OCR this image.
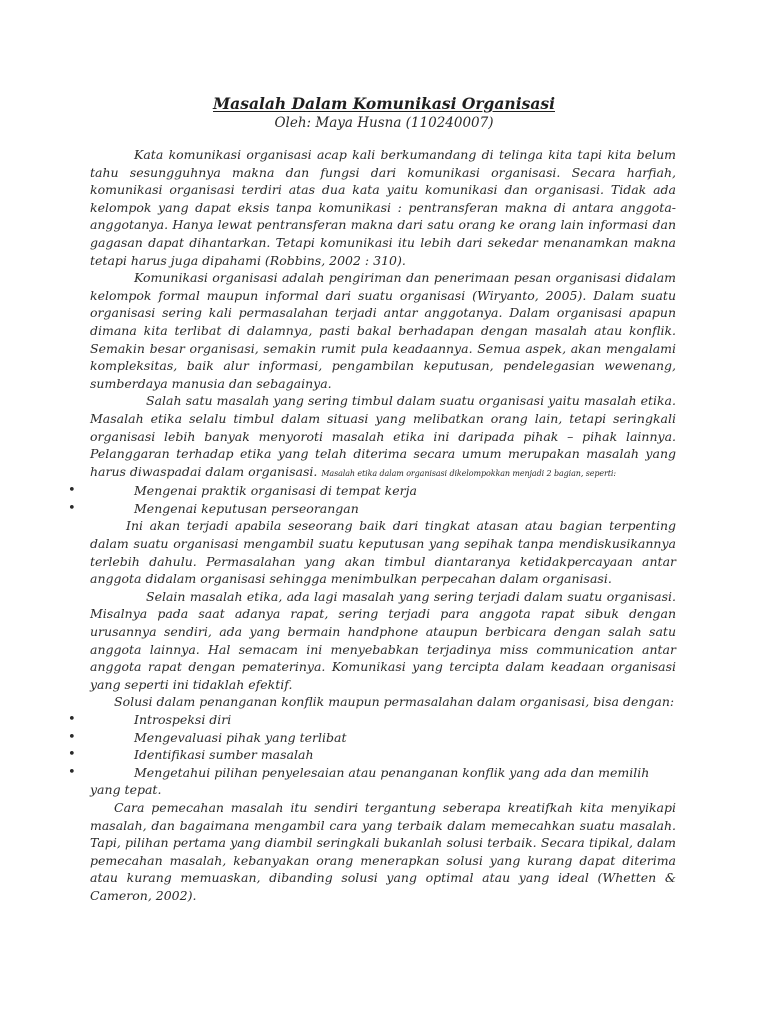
Masalah Dalam Komunikasi Organisasi
Oleh: Maya Husna (110240007)

Kata komunikasi organisasi acap kali berkumandang di telinga kita tapi kita belum tahu sesungguhnya makna dan fungsi dari komunikasi organisasi. Secara harfiah, komunikasi organisasi terdiri atas dua kata yaitu komunikasi dan organisasi. Tidak ada kelompok yang dapat eksis tanpa komunikasi : pentransferan makna di antara anggota-anggotanya. Hanya lewat pentransferan makna dari satu orang ke orang lain informasi dan gagasan dapat dihantarkan. Tetapi komunikasi itu lebih dari sekedar menanamkan makna tetapi harus juga dipahami (Robbins, 2002 : 310).

Komunikasi organisasi adalah pengiriman dan penerimaan pesan organisasi didalam kelompok formal maupun informal dari suatu organisasi (Wiryanto, 2005). Dalam suatu organisasi sering kali permasalahan terjadi antar anggotanya. Dalam organisasi apapun dimana kita terlibat di dalamnya, pasti bakal berhadapan dengan masalah atau konflik. Semakin besar organisasi, semakin rumit pula keadaannya. Semua aspek, akan mengalami kompleksitas, baik alur informasi, pengambilan keputusan, pendelegasian wewenang, sumberdaya manusia dan sebagainya.

Salah satu masalah yang sering timbul dalam suatu organisasi yaitu masalah etika. Masalah etika selalu timbul dalam situasi yang melibatkan orang lain, tetapi seringkali organisasi lebih banyak menyoroti masalah etika ini daripada pihak – pihak lainnya. Pelanggaran terhadap etika yang telah diterima secara umum merupakan masalah yang harus diwaspadai dalam organisasi. Masalah etika dalam organisasi dikelompokkan menjadi 2 bagian, seperti:

•	Mengenai praktik organisasi di tempat kerja
•	Mengenai keputusan perseorangan

Ini akan terjadi apabila seseorang baik dari tingkat atasan atau bagian terpenting dalam suatu organisasi mengambil suatu keputusan yang sepihak tanpa mendiskusikannya terlebih dahulu. Permasalahan yang akan timbul diantaranya ketidakpercayaan antar anggota didalam organisasi sehingga menimbulkan perpecahan dalam organisasi.

Selain masalah etika, ada lagi masalah yang sering terjadi dalam suatu organisasi. Misalnya pada saat adanya rapat, sering terjadi para anggota rapat sibuk dengan urusannya sendiri, ada yang bermain handphone ataupun berbicara dengan salah satu anggota lainnya. Hal semacam ini menyebabkan terjadinya miss communication antar anggota rapat dengan pematerinya. Komunikasi yang tercipta dalam keadaan organisasi yang seperti ini tidaklah efektif.

Solusi dalam penanganan konflik maupun permasalahan dalam organisasi, bisa dengan:

•	Introspeksi diri
•	Mengevaluasi pihak yang terlibat
•	Identifikasi sumber masalah
•	Mengetahui pilihan penyelesaian atau penanganan konflik yang ada dan memilih
yang tepat.

Cara pemecahan masalah itu sendiri tergantung seberapa kreatifkah kita menyikapi masalah, dan bagaimana mengambil cara yang terbaik dalam memecahkan suatu masalah. Tapi, pilihan pertama yang diambil seringkali bukanlah solusi terbaik. Secara tipikal, dalam pemecahan masalah, kebanyakan orang menerapkan solusi yang kurang dapat diterima atau kurang memuaskan, dibanding solusi yang optimal atau yang ideal (Whetten & Cameron, 2002).
